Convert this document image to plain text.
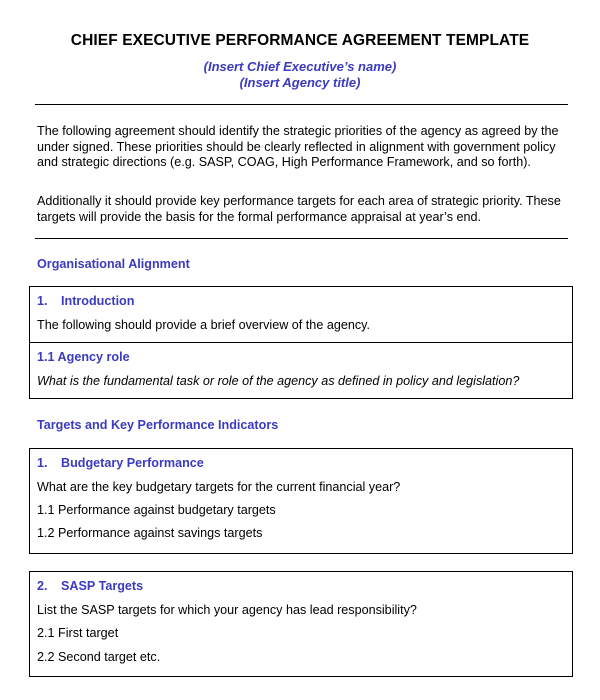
CHIEF EXECUTIVE PERFORMANCE AGREEMENT TEMPLATE
(Insert Chief Executive’s name)
(Insert Agency title)
The following agreement should identify the strategic priorities of the agency as agreed by the under signed. These priorities should be clearly reflected in alignment with government policy and strategic directions (e.g. SASP, COAG, High Performance Framework, and so forth).
Additionally it should provide key performance targets for each area of strategic priority. These targets will provide the basis for the formal performance appraisal at year’s end.
Organisational Alignment
1. Introduction
The following should provide a brief overview of the agency.
1.1 Agency role
What is the fundamental task or role of the agency as defined in policy and legislation?
Targets and Key Performance Indicators
1. Budgetary Performance
What are the key budgetary targets for the current financial year?
1.1 Performance against budgetary targets
1.2 Performance against savings targets
2. SASP Targets
List the SASP targets for which your agency has lead responsibility?
2.1 First target
2.2 Second target etc.
